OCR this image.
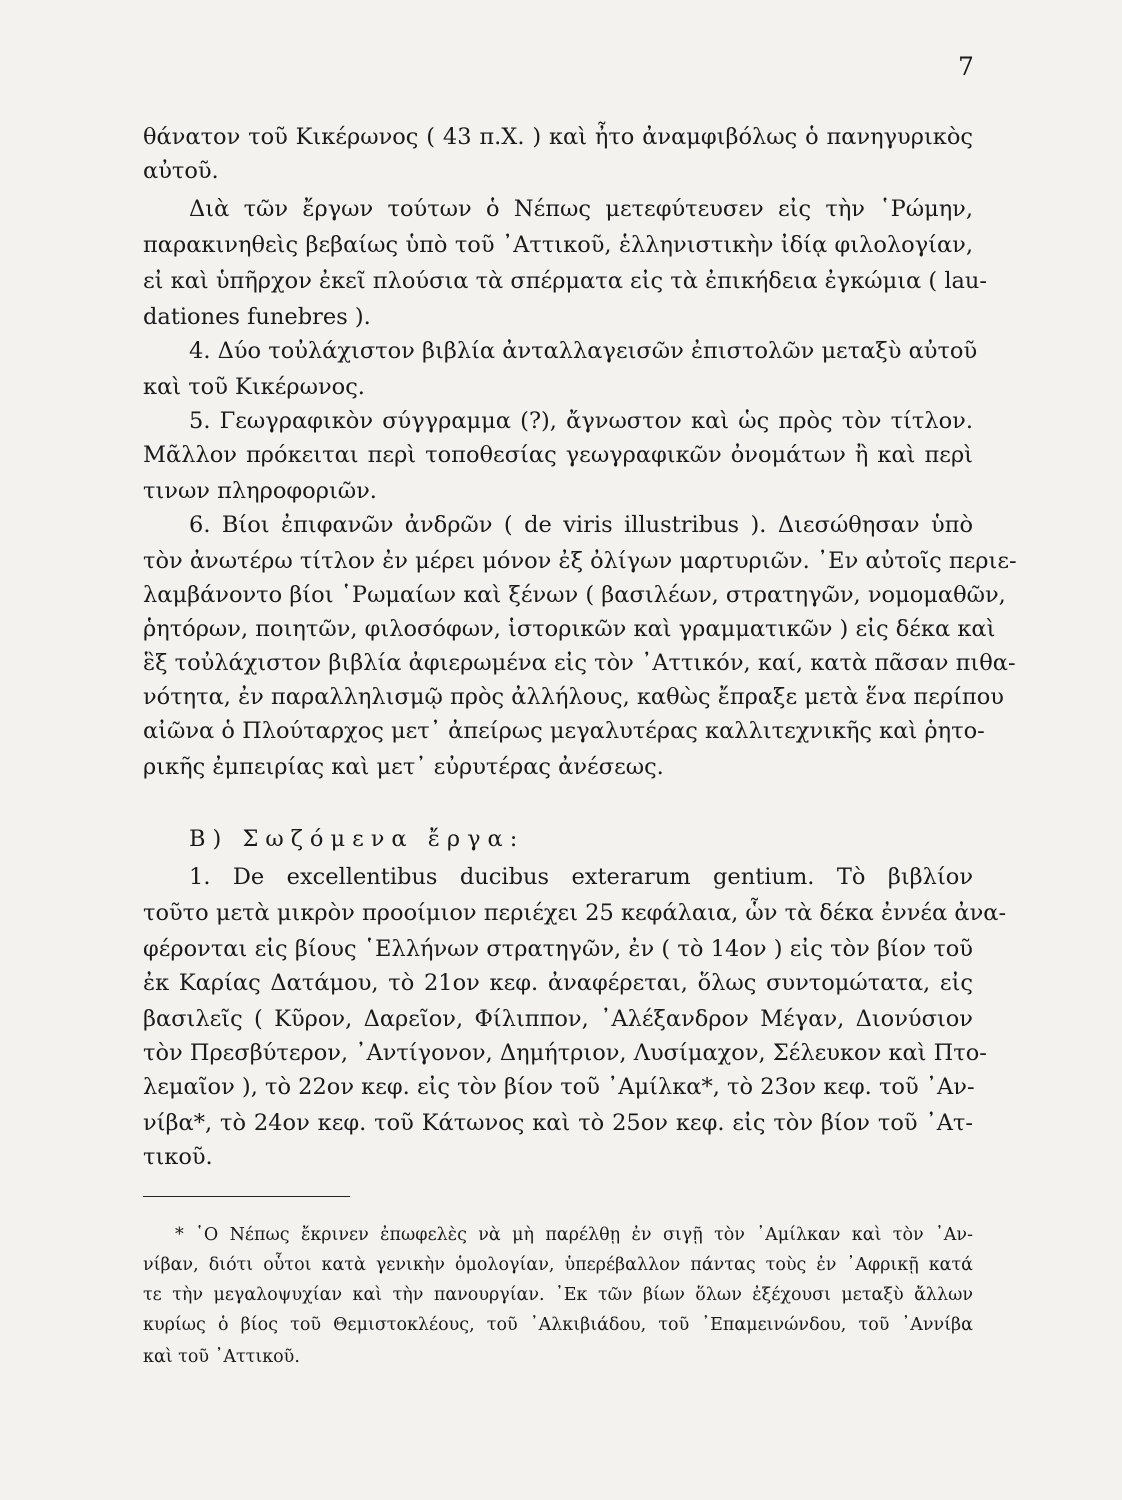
7
θάνατον τοῦ Κικέρωνος ( 43 π.Χ. ) καὶ ἦτο ἀναμφιβόλως ὁ πανηγυρικὸς
αὐτοῦ.
Διὰ τῶν ἔργων τούτων ὁ Νέπως μετεφύτευσεν εἰς τὴν ῾Ρώμην,
παρακινηθεὶς βεβαίως ὑπὸ τοῦ ᾿Αττικοῦ, ἑλληνιστικὴν ἰδίᾳ φιλολογίαν,
εἰ καὶ ὑπῆρχον ἐκεῖ πλούσια τὰ σπέρματα εἰς τὰ ἐπικήδεια ἐγκώμια ( lau-
dationes funebres ).
4. Δύο τοὐλάχιστον βιβλία ἀνταλλαγεισῶν ἐπιστολῶν μεταξὺ αὐτοῦ
καὶ τοῦ Κικέρωνος.
5. Γεωγραφικὸν σύγγραμμα (?), ἄγνωστον καὶ ὡς πρὸς τὸν τίτλον.
Μᾶλλον πρόκειται περὶ τοποθεσίας γεωγραφικῶν ὀνομάτων ἢ καὶ περὶ
τινων πληροφοριῶν.
6. Βίοι ἐπιφανῶν ἀνδρῶν ( de viris illustribus ). Διεσώθησαν ὑπὸ
τὸν ἀνωτέρω τίτλον ἐν μέρει μόνον ἐξ ὀλίγων μαρτυριῶν. ᾿Εν αὐτοῖς περιε-
λαμβάνοντο βίοι ῾Ρωμαίων καὶ ξένων ( βασιλέων, στρατηγῶν, νομομαθῶν,
ῥητόρων, ποιητῶν, φιλοσόφων, ἱστορικῶν καὶ γραμματικῶν ) εἰς δέκα καὶ
ἓξ τοὐλάχιστον βιβλία ἀφιερωμένα εἰς τὸν ᾿Αττικόν, καί, κατὰ πᾶσαν πιθα-
νότητα, ἐν παραλληλισμῷ πρὸς ἀλλήλους, καθὼς ἔπραξε μετὰ ἕνα περίπου
αἰῶνα ὁ Πλούταρχος μετ᾿ ἀπείρως μεγαλυτέρας καλλιτεχνικῆς καὶ ῥητο-
ρικῆς ἐμπειρίας καὶ μετ᾿ εὐρυτέρας ἀνέσεως.
Β) Σωζόμενα ἔργα:
1. De excellentibus ducibus exterarum gentium. Τὸ βιβλίον
τοῦτο μετὰ μικρὸν προοίμιον περιέχει 25 κεφάλαια, ὧν τὰ δέκα ἐννέα ἀνα-
φέρονται εἰς βίους ῾Ελλήνων στρατηγῶν, ἐν ( τὸ 14ον ) εἰς τὸν βίον τοῦ
ἐκ Καρίας Δατάμου, τὸ 21ον κεφ. ἀναφέρεται, ὅλως συντομώτατα, εἰς
βασιλεῖς ( Κῦρον, Δαρεῖον, Φίλιππον, ᾿Αλέξανδρον Μέγαν, Διονύσιον
τὸν Πρεσβύτερον, ᾿Αντίγονον, Δημήτριον, Λυσίμαχον, Σέλευκον καὶ Πτο-
λεμαῖον ), τὸ 22ον κεφ. εἰς τὸν βίον τοῦ ᾿Αμίλκα*, τὸ 23ον κεφ. τοῦ ᾿Αν-
νίβα*, τὸ 24ον κεφ. τοῦ Κάτωνος καὶ τὸ 25ον κεφ. εἰς τὸν βίον τοῦ ᾿Ατ-
τικοῦ.
* ῾Ο Νέπως ἔκρινεν ἐπωφελὲς νὰ μὴ παρέλθῃ ἐν σιγῇ τὸν ᾿Αμίλκαν καὶ τὸν ᾿Αν-
νίβαν, διότι οὗτοι κατὰ γενικὴν ὁμολογίαν, ὑπερέβαλλον πάντας τοὺς ἐν ᾿Αφρικῇ κατά
τε τὴν μεγαλοψυχίαν καὶ τὴν πανουργίαν. ᾿Εκ τῶν βίων ὅλων ἐξέχουσι μεταξὺ ἄλλων
κυρίως ὁ βίος τοῦ Θεμιστοκλέους, τοῦ ᾿Αλκιβιάδου, τοῦ ᾿Επαμεινώνδου, τοῦ ᾿Αννίβα
καὶ τοῦ ᾿Αττικοῦ.
